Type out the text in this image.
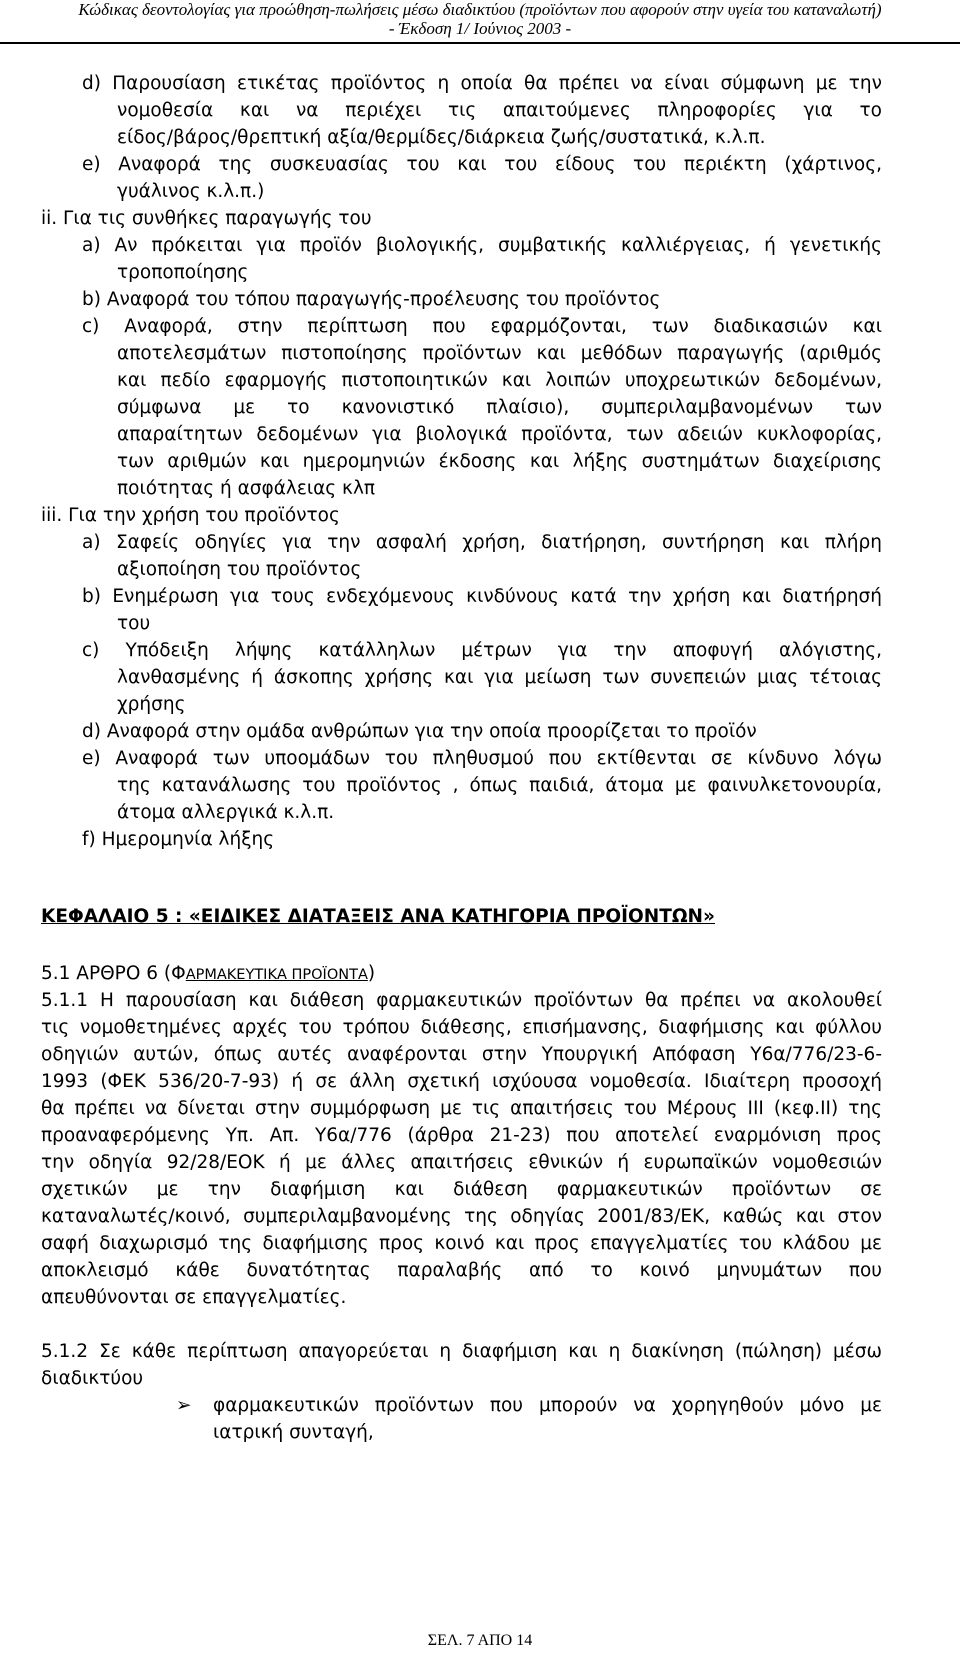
Κώδικας δεοντολογίας για προώθηση-πωλήσεις μέσω διαδικτύου (προϊόντων που αφορούν στην υγεία του καταναλωτή)
- Έκδοση 1/ Ιούνιος 2003 -
d) Παρουσίαση ετικέτας προϊόντος η οποία θα πρέπει να είναι σύμφωνη με την
νομοθεσία και να περιέχει τις απαιτούμενες πληροφορίες για το
είδος/βάρος/θρεπτική αξία/θερμίδες/διάρκεια ζωής/συστατικά, κ.λ.π.
e) Αναφορά της συσκευασίας του και του είδους του περιέκτη (χάρτινος,
γυάλινος κ.λ.π.)
ii. Για τις συνθήκες παραγωγής του
a) Αν πρόκειται για προϊόν βιολογικής, συμβατικής καλλιέργειας, ή γενετικής
τροποποίησης
b) Αναφορά του τόπου παραγωγής-προέλευσης του προϊόντος
c) Αναφορά, στην περίπτωση που εφαρμόζονται, των διαδικασιών και
αποτελεσμάτων πιστοποίησης προϊόντων και μεθόδων παραγωγής (αριθμός
και πεδίο εφαρμογής πιστοποιητικών και λοιπών υποχρεωτικών δεδομένων,
σύμφωνα με το κανονιστικό πλαίσιο), συμπεριλαμβανομένων των
απαραίτητων δεδομένων για βιολογικά προϊόντα, των αδειών κυκλοφορίας,
των αριθμών και ημερομηνιών έκδοσης και λήξης συστημάτων διαχείρισης
ποιότητας ή ασφάλειας κλπ
iii. Για την χρήση του προϊόντος
a) Σαφείς οδηγίες για την ασφαλή χρήση, διατήρηση, συντήρηση και πλήρη
αξιοποίηση του προϊόντος
b) Ενημέρωση για τους ενδεχόμενους κινδύνους κατά την χρήση και διατήρησή
του
c) Υπόδειξη λήψης κατάλληλων μέτρων για την αποφυγή αλόγιστης,
λανθασμένης ή άσκοπης χρήσης και για μείωση των συνεπειών μιας τέτοιας
χρήσης
d) Αναφορά στην ομάδα ανθρώπων για την οποία προορίζεται το προϊόν
e) Αναφορά των υποομάδων του πληθυσμού που εκτίθενται σε κίνδυνο λόγω
της κατανάλωσης του προϊόντος , όπως παιδιά, άτομα με φαινυλκετονουρία,
άτομα αλλεργικά κ.λ.π.
f) Ημερομηνία λήξης
ΚΕΦΑΛΑΙΟ 5 : «ΕΙΔΙΚΕΣ ΔΙΑΤΑΞΕΙΣ ΑΝΑ ΚΑΤΗΓΟΡΙΑ ΠΡΟΪΟΝΤΩΝ»
5.1 ΑΡΘΡΟ 6 (ΦΑΡΜΑΚΕΥΤΙΚΑ ΠΡΟΪΟΝΤΑ)
5.1.1 Η παρουσίαση και διάθεση φαρμακευτικών προϊόντων θα πρέπει να ακολουθεί
τις νομοθετημένες αρχές του τρόπου διάθεσης, επισήμανσης, διαφήμισης και φύλλου
οδηγιών αυτών, όπως αυτές αναφέρονται στην Υπουργική Απόφαση Υ6α/776/23-6-
1993 (ΦΕΚ 536/20-7-93) ή σε άλλη σχετική ισχύουσα νομοθεσία. Ιδιαίτερη προσοχή
θα πρέπει να δίνεται στην συμμόρφωση με τις απαιτήσεις του Μέρους ΙΙΙ (κεφ.ΙΙ) της
προαναφερόμενης Υπ. Απ. Υ6α/776 (άρθρα 21-23) που αποτελεί εναρμόνιση προς
την οδηγία 92/28/ΕΟΚ ή με άλλες απαιτήσεις εθνικών ή ευρωπαϊκών νομοθεσιών
σχετικών με την διαφήμιση και διάθεση φαρμακευτικών προϊόντων σε
καταναλωτές/κοινό, συμπεριλαμβανομένης της οδηγίας 2001/83/ΕΚ, καθώς και στον
σαφή διαχωρισμό της διαφήμισης προς κοινό και προς επαγγελματίες του κλάδου με
αποκλεισμό κάθε δυνατότητας παραλαβής από το κοινό μηνυμάτων που
απευθύνονται σε επαγγελματίες.
5.1.2 Σε κάθε περίπτωση απαγορεύεται η διαφήμιση και η διακίνηση (πώληση) μέσω
διαδικτύου
➢ φαρμακευτικών προϊόντων που μπορούν να χορηγηθούν μόνο με
ιατρική συνταγή,
ΣΕΛ. 7 ΑΠΟ 14
